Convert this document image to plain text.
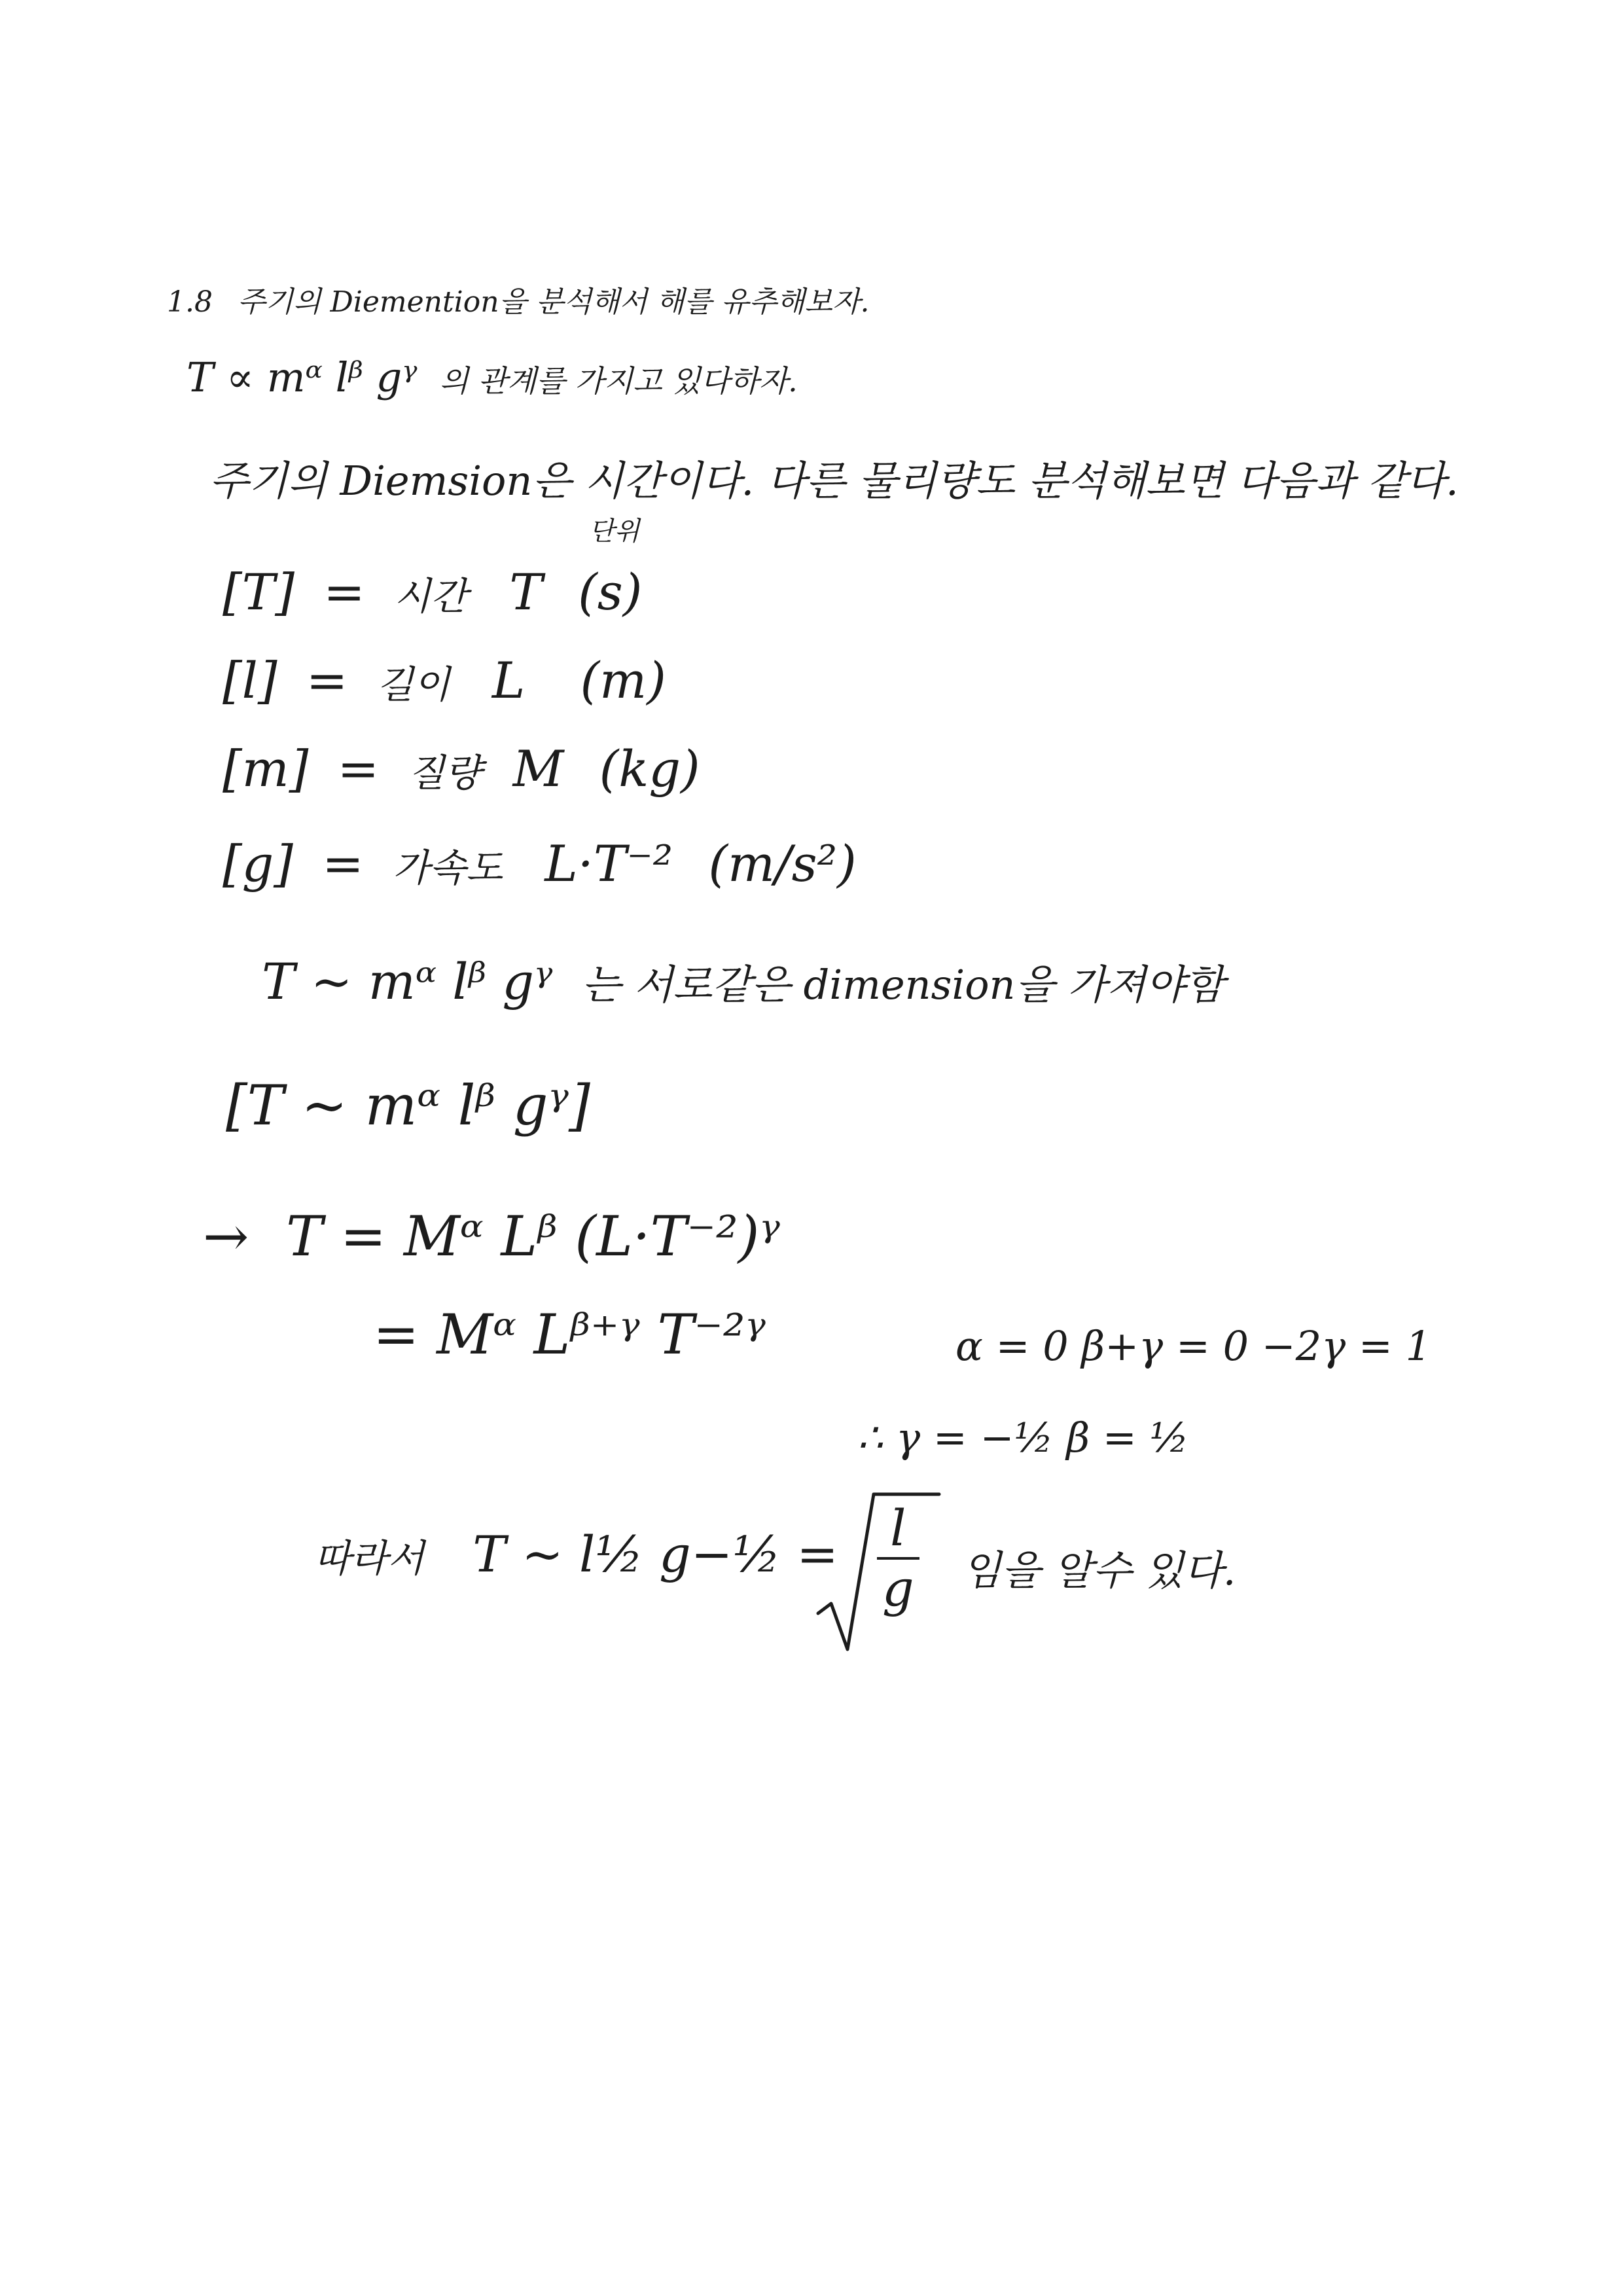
1.8 주기의 Diemention을 분석해서 해를 유추해보자.
T ∝ mᵅ lᵝ gᵞ 의 관계를 가지고 있다하자.
주기의 Diemsion은 시간이다. 다른 물리량도 분석해보면 다음과 같다.
단위
[T] = 시간 T (s)
[l] = 길이 L (m)
[m] = 질량 M (kg)
[g] = 가속도 L·T⁻² (m/s²)
T ~ mᵅ lᵝ gᵞ 는 서로같은 dimension을 가져야함
[T ~ mᵅ lᵝ gᵞ]
→ T = Mᵅ Lᵝ (L·T⁻²)ᵞ
= Mᵅ Lᵝ⁺ᵞ T⁻²ᵞ	α = 0 β+γ = 0 −2γ = 1
∴ γ = −½ β = ½
따라서 T ~ l½ g−½ = $\frac{l}{g}$ 임을 알수 있다.
